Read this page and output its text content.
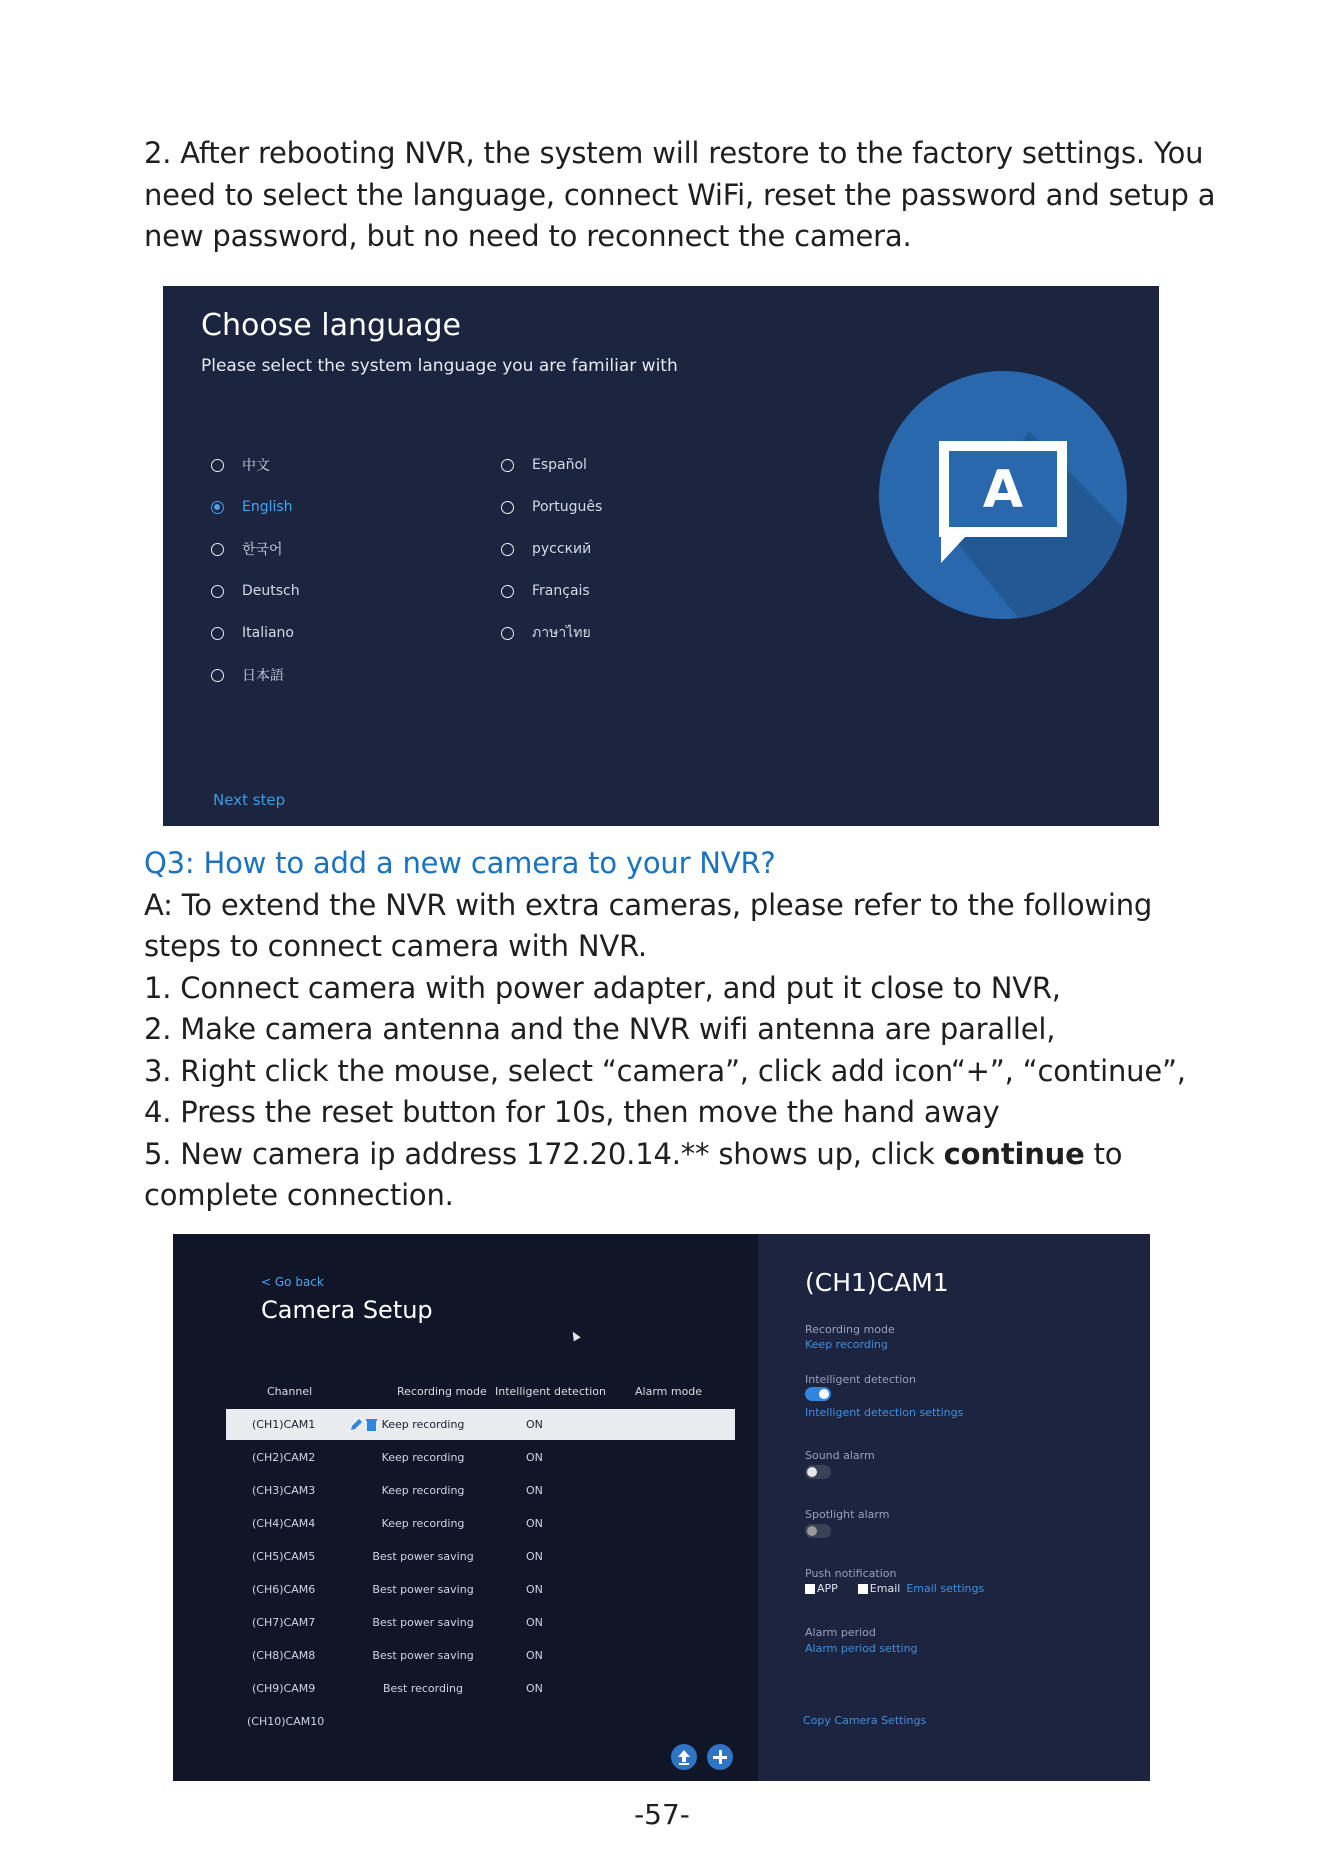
2. After rebooting NVR, the system will restore to the factory settings. You
need to select the language, connect WiFi, reset the password and setup a
new password, but no need to reconnect the camera.
Choose language
Please select the system language you are familiar with
中文
English
한국어
Deutsch
Italiano
日本語
Español
Português
русский
Français
ภาษาไทย
Next step
A
Q3: How to add a new camera to your NVR?
A: To extend the NVR with extra cameras, please refer to the following
steps to connect camera with NVR.
1. Connect camera with power adapter, and put it close to NVR,
2. Make camera antenna and the NVR wifi antenna are parallel,
3. Right click the mouse, select “camera”, click add icon“+”, “continue”,
4. Press the reset button for 10s, then move the hand away
5. New camera ip address 172.20.14.** shows up, click continue to
complete connection.
< Go back
Camera Setup
Channel	Recording mode Intelligent detection	Alarm mode
(CH1)CAM1	Keep recording	ON
(CH2)CAM2	Keep recording	ON
(CH3)CAM3	Keep recording	ON
(CH4)CAM4	Keep recording	ON
(CH5)CAM5	Best power saving	ON
(CH6)CAM6	Best power saving	ON
(CH7)CAM7	Best power saving	ON
(CH8)CAM8	Best power saving	ON
(CH9)CAM9	Best recording	ON
(CH10)CAM10
(CH1)CAM1
Recording mode
Keep recording
Intelligent detection
Intelligent detection settings
Sound alarm
Spotlight alarm
Push notification
APP	Email Email settings
Alarm period
Alarm period setting
Copy Camera Settings
-57-
